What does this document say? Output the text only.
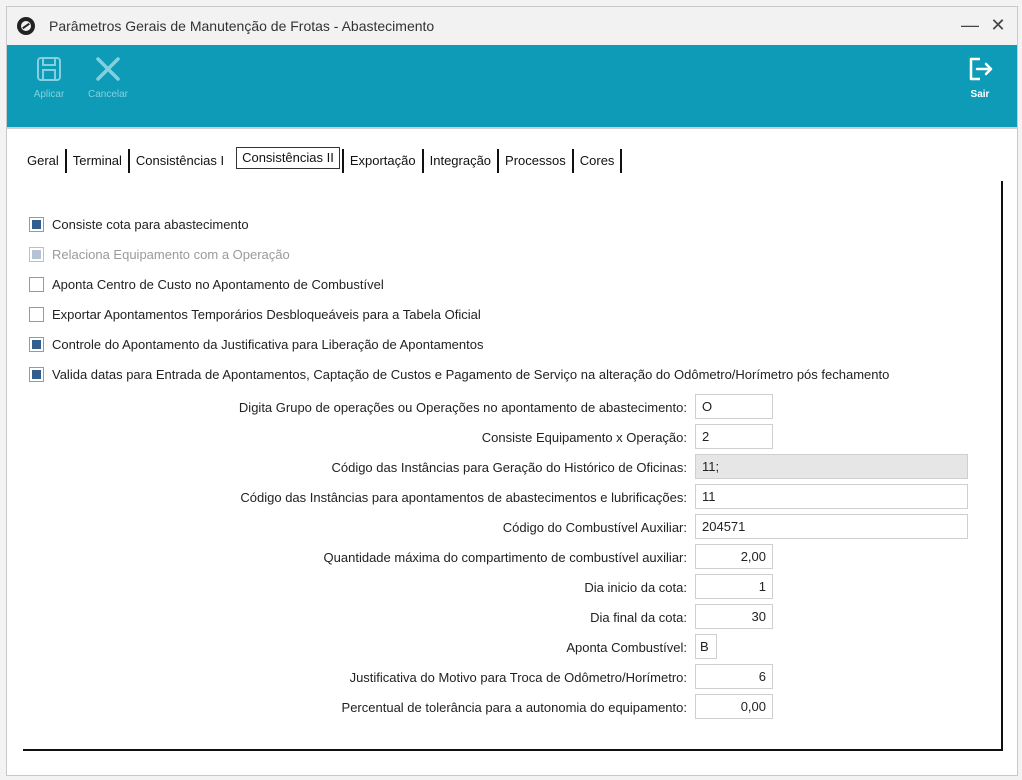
Parâmetros Gerais de Manutenção de Frotas - Abastecimento	— ✕
Aplicar	Cancelar	Sair
Geral	Terminal	Consistências I	Consistências II	Exportação	Integração	Processos	Cores
Consiste cota para abastecimento
Relaciona Equipamento com a Operação
Aponta Centro de Custo no Apontamento de Combustível
Exportar Apontamentos Temporários Desbloqueáveis para a Tabela Oficial
Controle do Apontamento da Justificativa para Liberação de Apontamentos
Valida datas para Entrada de Apontamentos, Captação de Custos e Pagamento de Serviço na alteração do Odômetro/Horímetro pós fechamento
Digita Grupo de operações ou Operações no apontamento de abastecimento:	O
Consiste Equipamento x Operação:	2
Código das Instâncias para Geração do Histórico de Oficinas:	11;
Código das Instâncias para apontamentos de abastecimentos e lubrificações:	11
Código do Combustível Auxiliar:	204571
Quantidade máxima do compartimento de combustível auxiliar:	2,00
Dia inicio da cota:	1
Dia final da cota:	30
Aponta Combustível:	B
Justificativa do Motivo para Troca de Odômetro/Horímetro:	6
Percentual de tolerância para a autonomia do equipamento:	0,00
